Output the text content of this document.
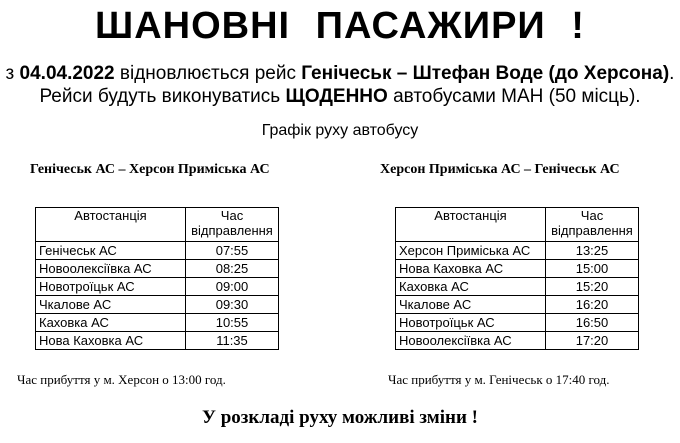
ШАНОВНІ ПАСАЖИРИ !
з 04.04.2022 відновлюється рейс Генічеськ – Штефан Воде (до Херсона).
Рейси будуть виконуватись ЩОДЕННО автобусами МАН (50 місць).
Графік руху автобусу
Генічеськ АС – Херсон Приміська АС	Херсон Приміська АС – Генічеськ АС
Автостанція	Час
відправлення
Генічеськ АС	07:55
Новоолексіївка АС	08:25
Новотроїцьк АС	09:00
Чкалове АС	09:30
Каховка АС	10:55
Нова Каховка АС	11:35
Автостанція	Час
відправлення
Херсон Приміська АС	13:25
Нова Каховка АС	15:00
Каховка АС	15:20
Чкалове АС	16:20
Новотроїцьк АС	16:50
Новоолексіївка АС	17:20
Час прибуття у м. Херсон о 13:00 год.	Час прибуття у м. Генічеськ о 17:40 год.
У розкладі руху можливі зміни !
